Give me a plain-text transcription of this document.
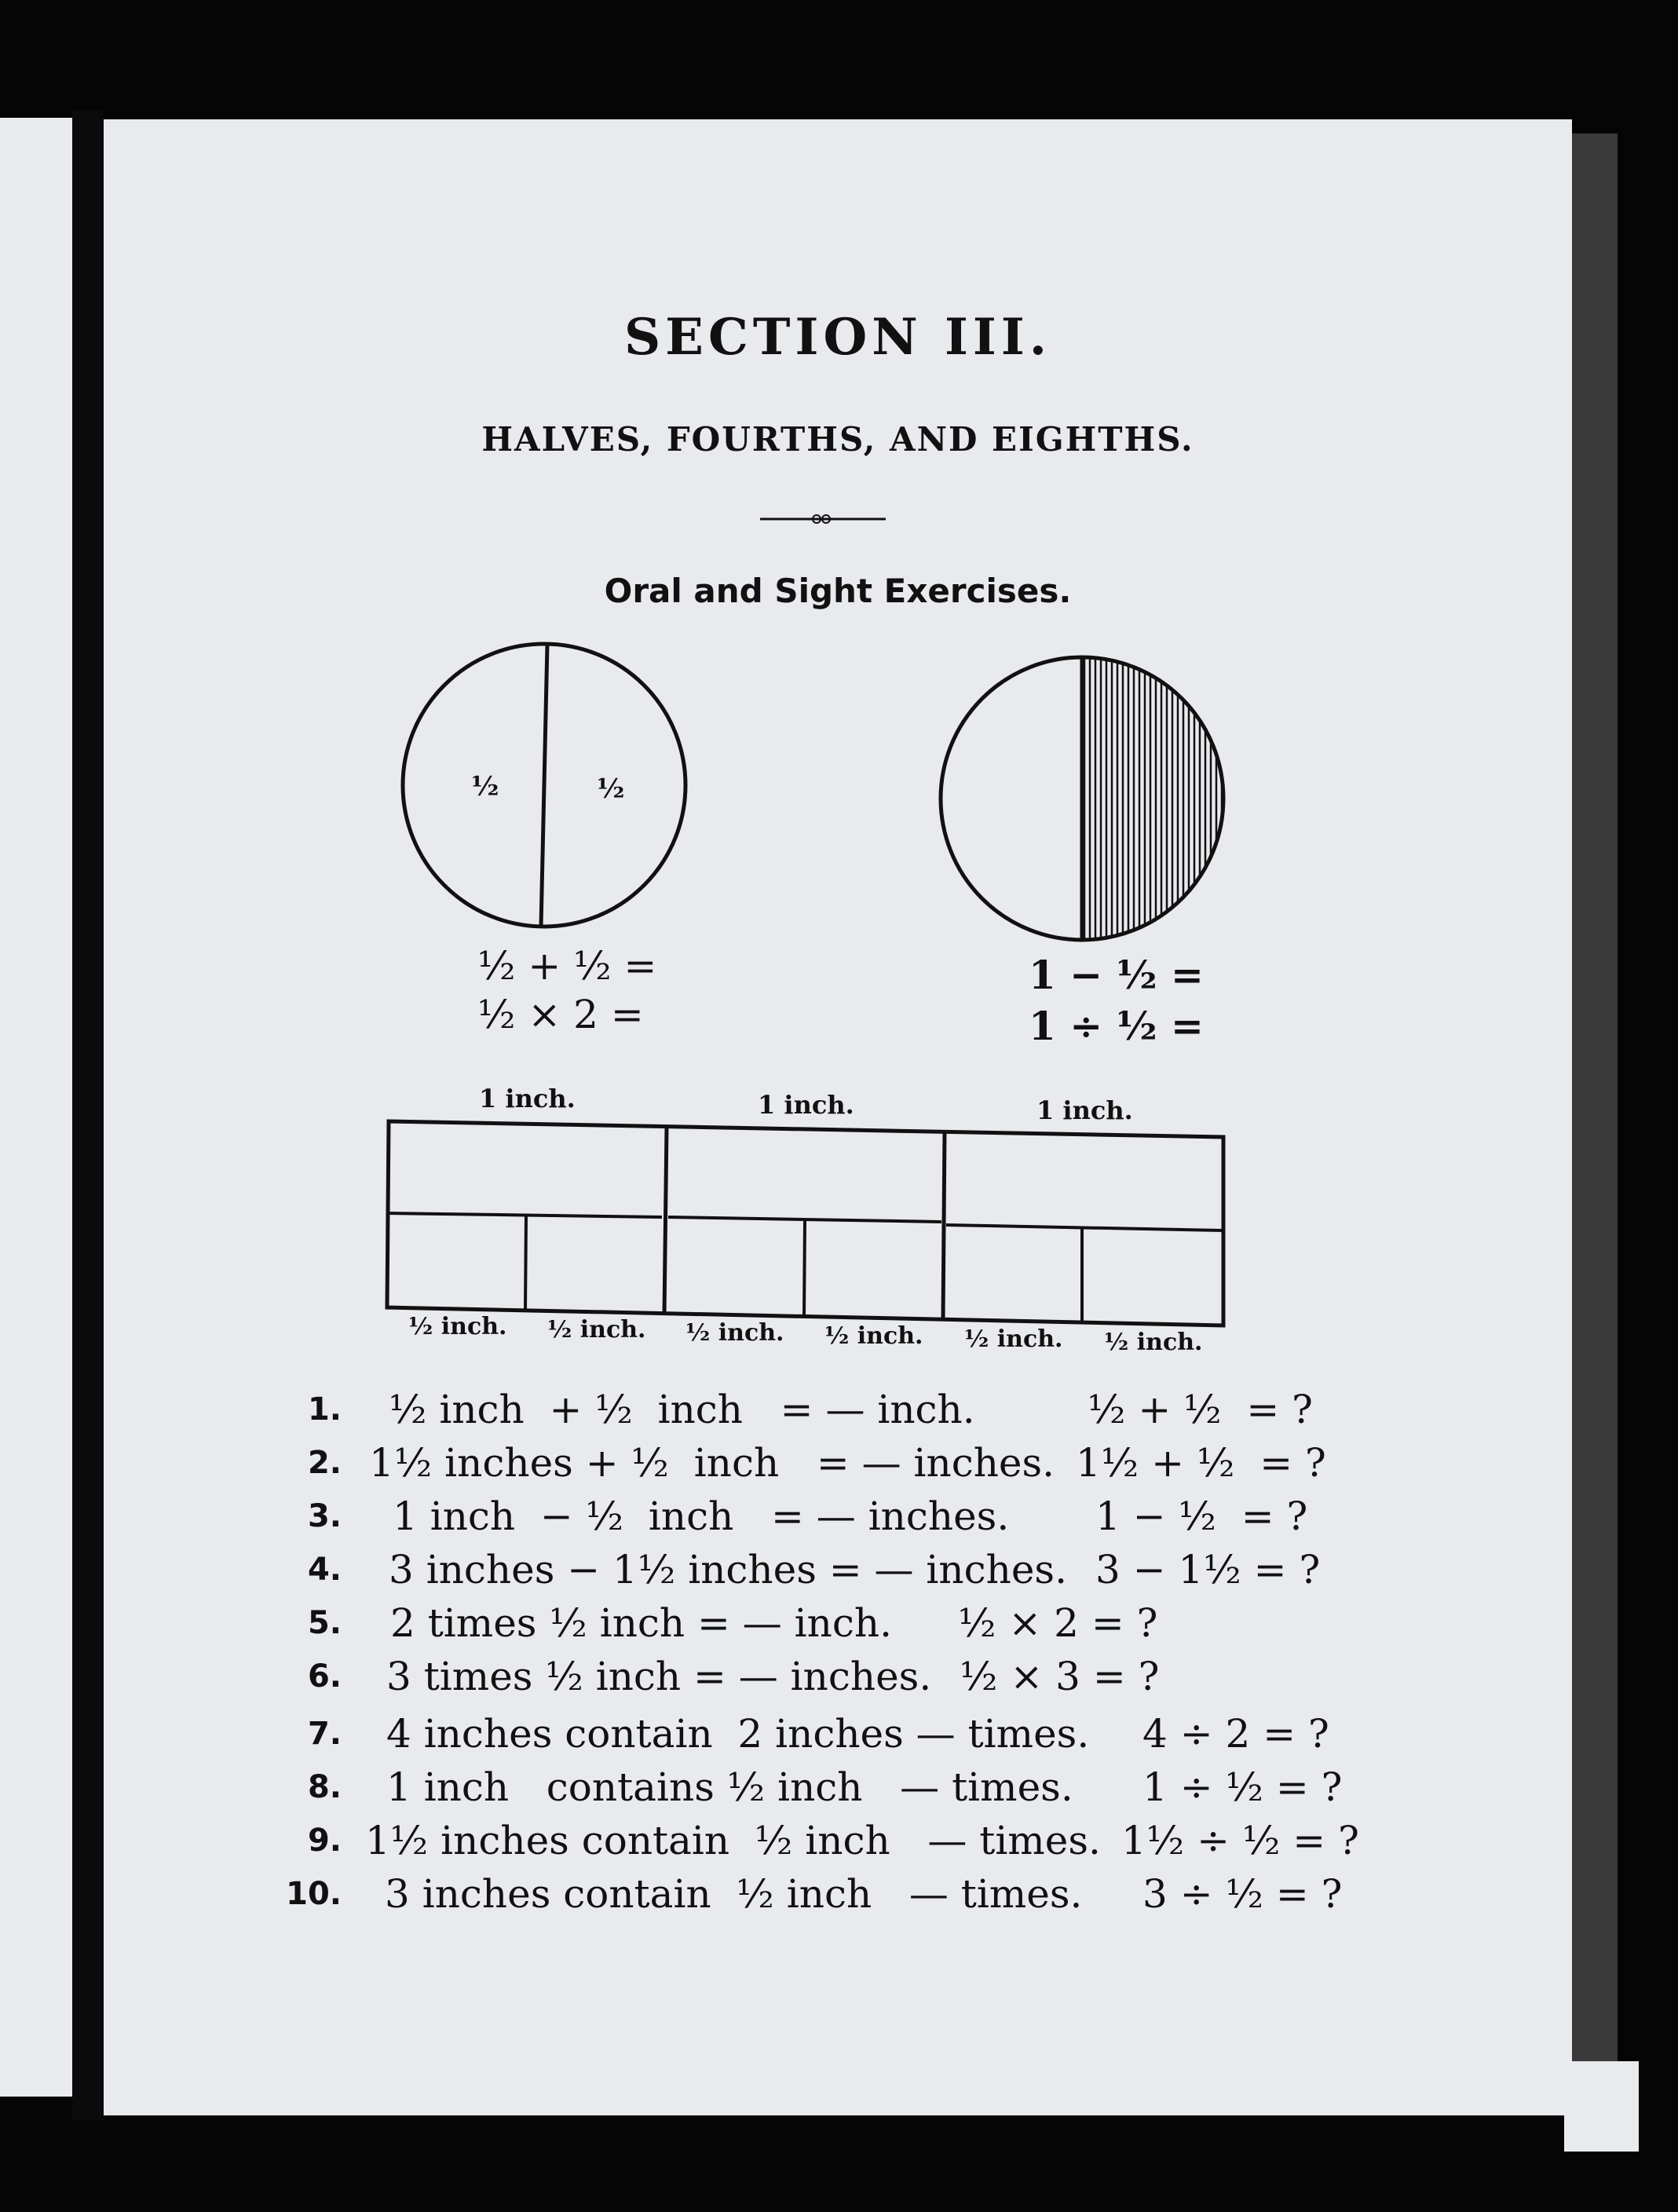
SECTION III.
HALVES, FOURTHS, AND EIGHTHS.
Oral and Sight Exercises.
½	½
½ + ½ =
½ × 2 =
1 − ½ =
1 ÷ ½ =
1 inch.	1 inch.	1 inch.
½ inch. ½ inch. ½ inch. ½ inch. ½ inch. ½ inch.
1. ½ inch  + ½  inch   = — inch.	½ + ½  = ?
2. 1½ inches + ½  inch   = — inches. 1½ + ½  = ?
3. 1 inch  − ½  inch   = — inches. 1 − ½  = ?
4. 3 inches − 1½ inches = — inches. 3 − 1½ = ?
5. 2 times ½ inch = — inch. ½ × 2 = ?
6. 3 times ½ inch = — inches. ½ × 3 = ?
7. 4 inches contain  2 inches — times. 4 ÷ 2 = ?
8. 1 inch   contains ½ inch   — times. 1 ÷ ½ = ?
9. 1½ inches contain  ½ inch   — times. 1½ ÷ ½ = ?
10. 3 inches contain  ½ inch   — times. 3 ÷ ½ = ?
